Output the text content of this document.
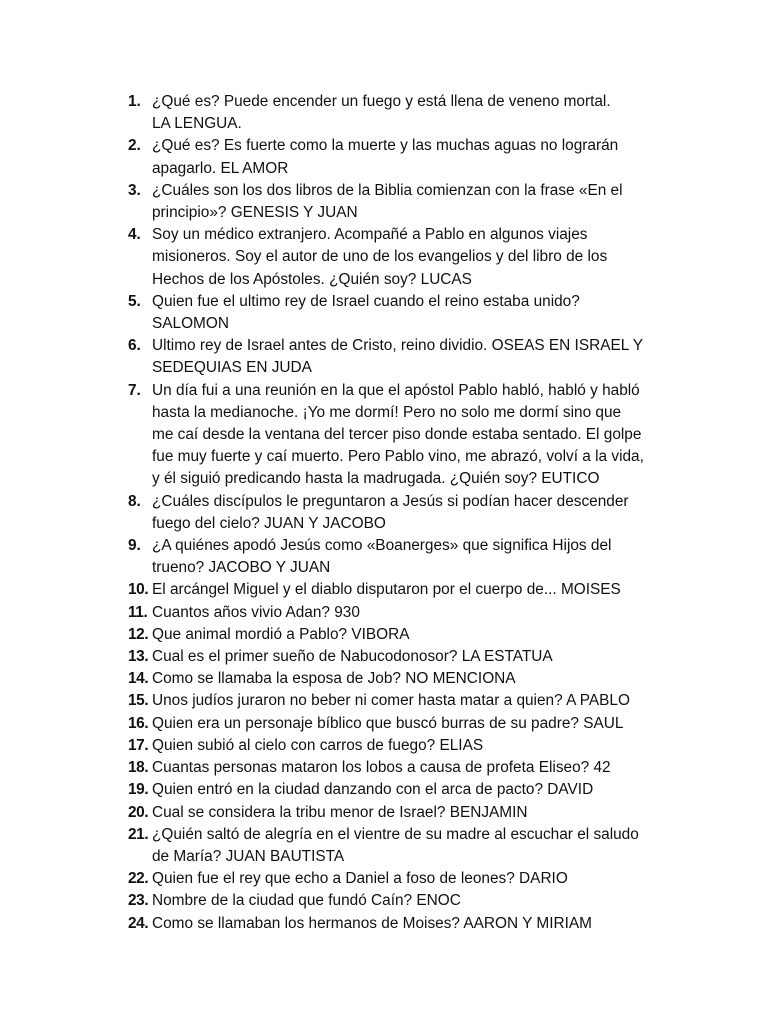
1. ¿Qué es? Puede encender un fuego y está llena de veneno mortal.
LA LENGUA.
2. ¿Qué es? Es fuerte como la muerte y las muchas aguas no lograrán
apagarlo. EL AMOR
3. ¿Cuáles son los dos libros de la Biblia comienzan con la frase «En el
principio»? GENESIS Y JUAN
4. Soy un médico extranjero. Acompañé a Pablo en algunos viajes
misioneros. Soy el autor de uno de los evangelios y del libro de los
Hechos de los Apóstoles. ¿Quién soy? LUCAS
5. Quien fue el ultimo rey de Israel cuando el reino estaba unido?
SALOMON
6. Ultimo rey de Israel antes de Cristo, reino dividio. OSEAS EN ISRAEL Y
SEDEQUIAS EN JUDA
7. Un día fui a una reunión en la que el apóstol Pablo habló, habló y habló
hasta la medianoche. ¡Yo me dormí! Pero no solo me dormí sino que
me caí desde la ventana del tercer piso donde estaba sentado. El golpe
fue muy fuerte y caí muerto. Pero Pablo vino, me abrazó, volví a la vida,
y él siguió predicando hasta la madrugada. ¿Quién soy? EUTICO
8. ¿Cuáles discípulos le preguntaron a Jesús si podían hacer descender
fuego del cielo? JUAN Y JACOBO
9. ¿A quiénes apodó Jesús como «Boanerges» que significa Hijos del
trueno? JACOBO Y JUAN
10. El arcángel Miguel y el diablo disputaron por el cuerpo de... MOISES
11. Cuantos años vivio Adan? 930
12. Que animal mordió a Pablo? VIBORA
13. Cual es el primer sueño de Nabucodonosor? LA ESTATUA
14. Como se llamaba la esposa de Job? NO MENCIONA
15. Unos judíos juraron no beber ni comer hasta matar a quien? A PABLO
16. Quien era un personaje bíblico que buscó burras de su padre? SAUL
17. Quien subió al cielo con carros de fuego? ELIAS
18. Cuantas personas mataron los lobos a causa de profeta Eliseo? 42
19. Quien entró en la ciudad danzando con el arca de pacto? DAVID
20. Cual se considera la tribu menor de Israel? BENJAMIN
21. ¿Quién saltó de alegría en el vientre de su madre al escuchar el saludo
de María? JUAN BAUTISTA
22. Quien fue el rey que echo a Daniel a foso de leones? DARIO
23. Nombre de la ciudad que fundó Caín? ENOC
24. Como se llamaban los hermanos de Moises? AARON Y MIRIAM
